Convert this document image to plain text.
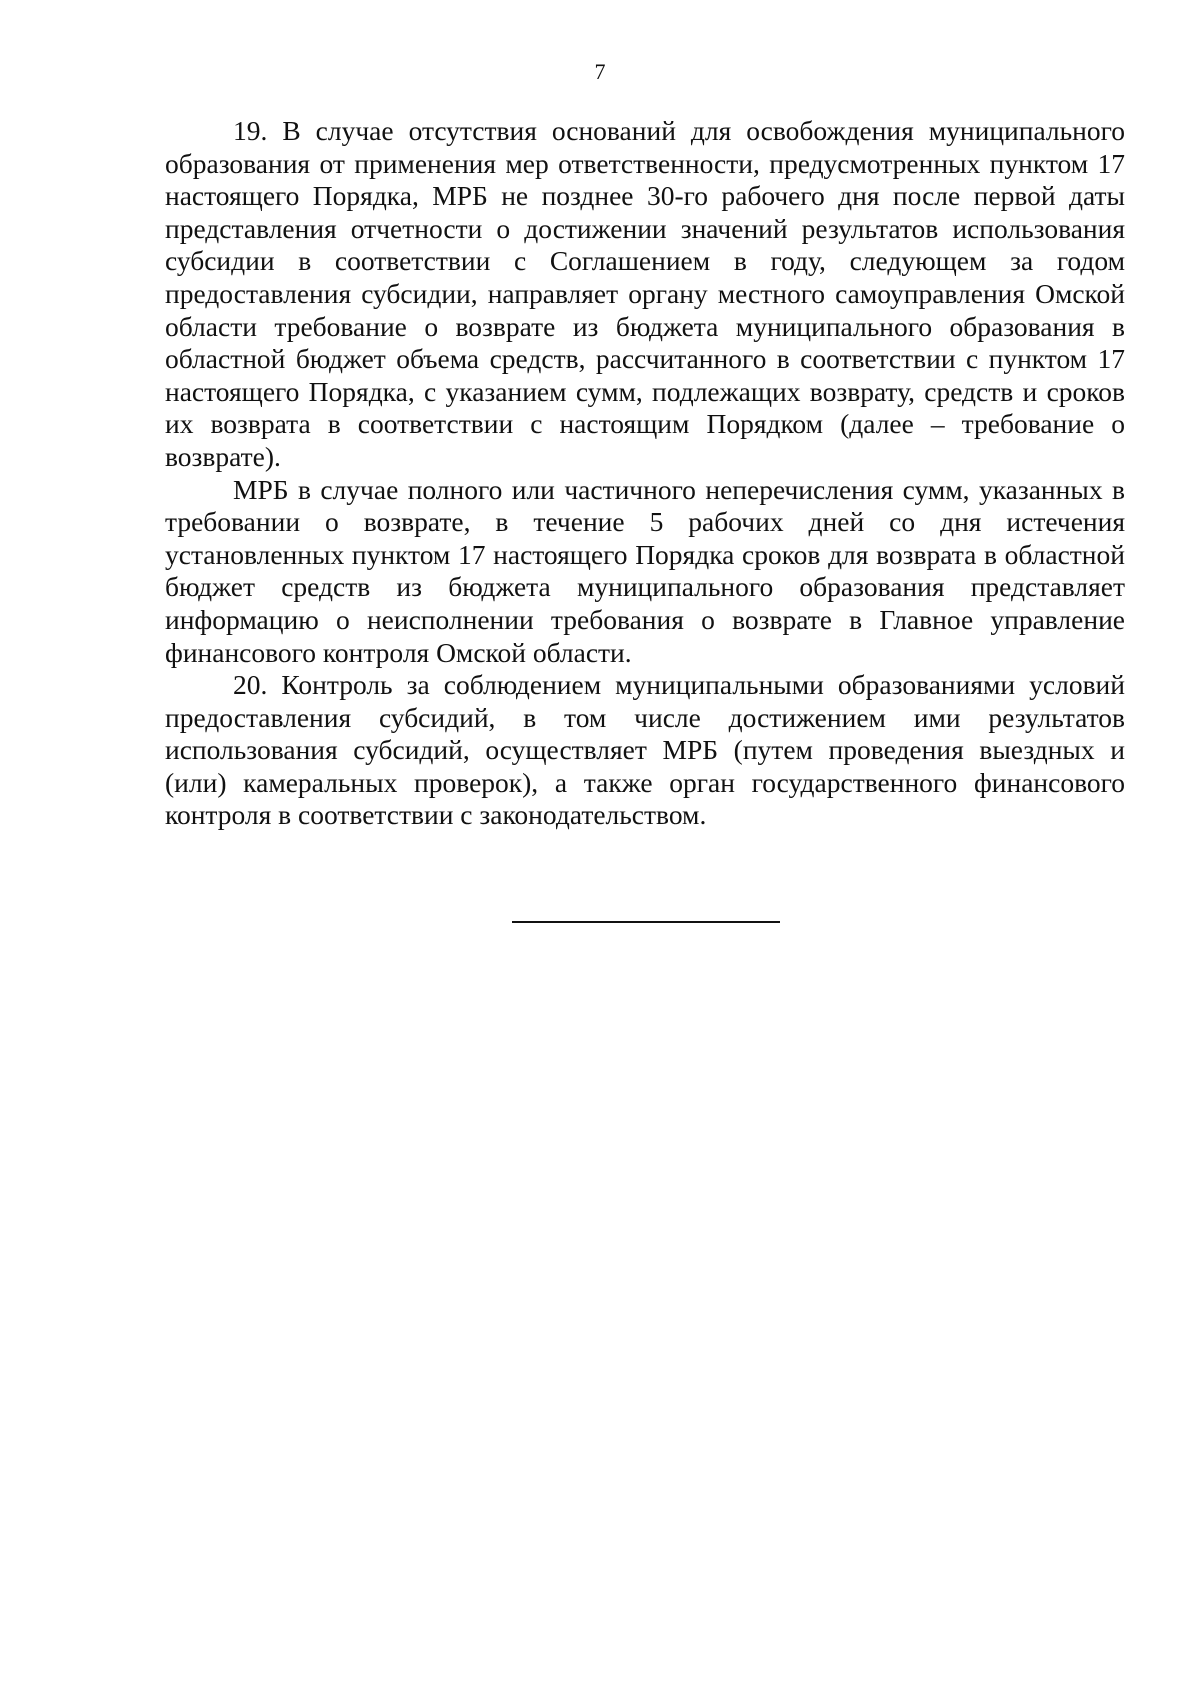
7

19. В случае отсутствия оснований для освобождения муниципального образования от применения мер ответственности, предусмотренных пунктом 17 настоящего Порядка, МРБ не позднее 30-го рабочего дня после первой даты представления отчетности о достижении значений результатов использования субсидии в соответствии с Соглашением в году, следующем за годом предоставления субсидии, направляет органу местного самоуправления Омской области требование о возврате из бюджета муниципального образования в областной бюджет объема средств, рассчитанного в соответствии с пунктом 17 настоящего Порядка, с указанием сумм, подлежащих возврату, средств и сроков их возврата в соответствии с настоящим Порядком (далее – требование о возврате).

МРБ в случае полного или частичного неперечисления сумм, указанных в требовании о возврате, в течение 5 рабочих дней со дня истечения установленных пунктом 17 настоящего Порядка сроков для возврата в областной бюджет средств из бюджета муниципального образования представляет информацию о неисполнении требования о возврате в Главное управление финансового контроля Омской области.

20. Контроль за соблюдением муниципальными образованиями условий предоставления субсидий, в том числе достижением ими результатов использования субсидий, осуществляет МРБ (путем проведения выездных и (или) камеральных проверок), а также орган государственного финансового контроля в соответствии с законодательством.
